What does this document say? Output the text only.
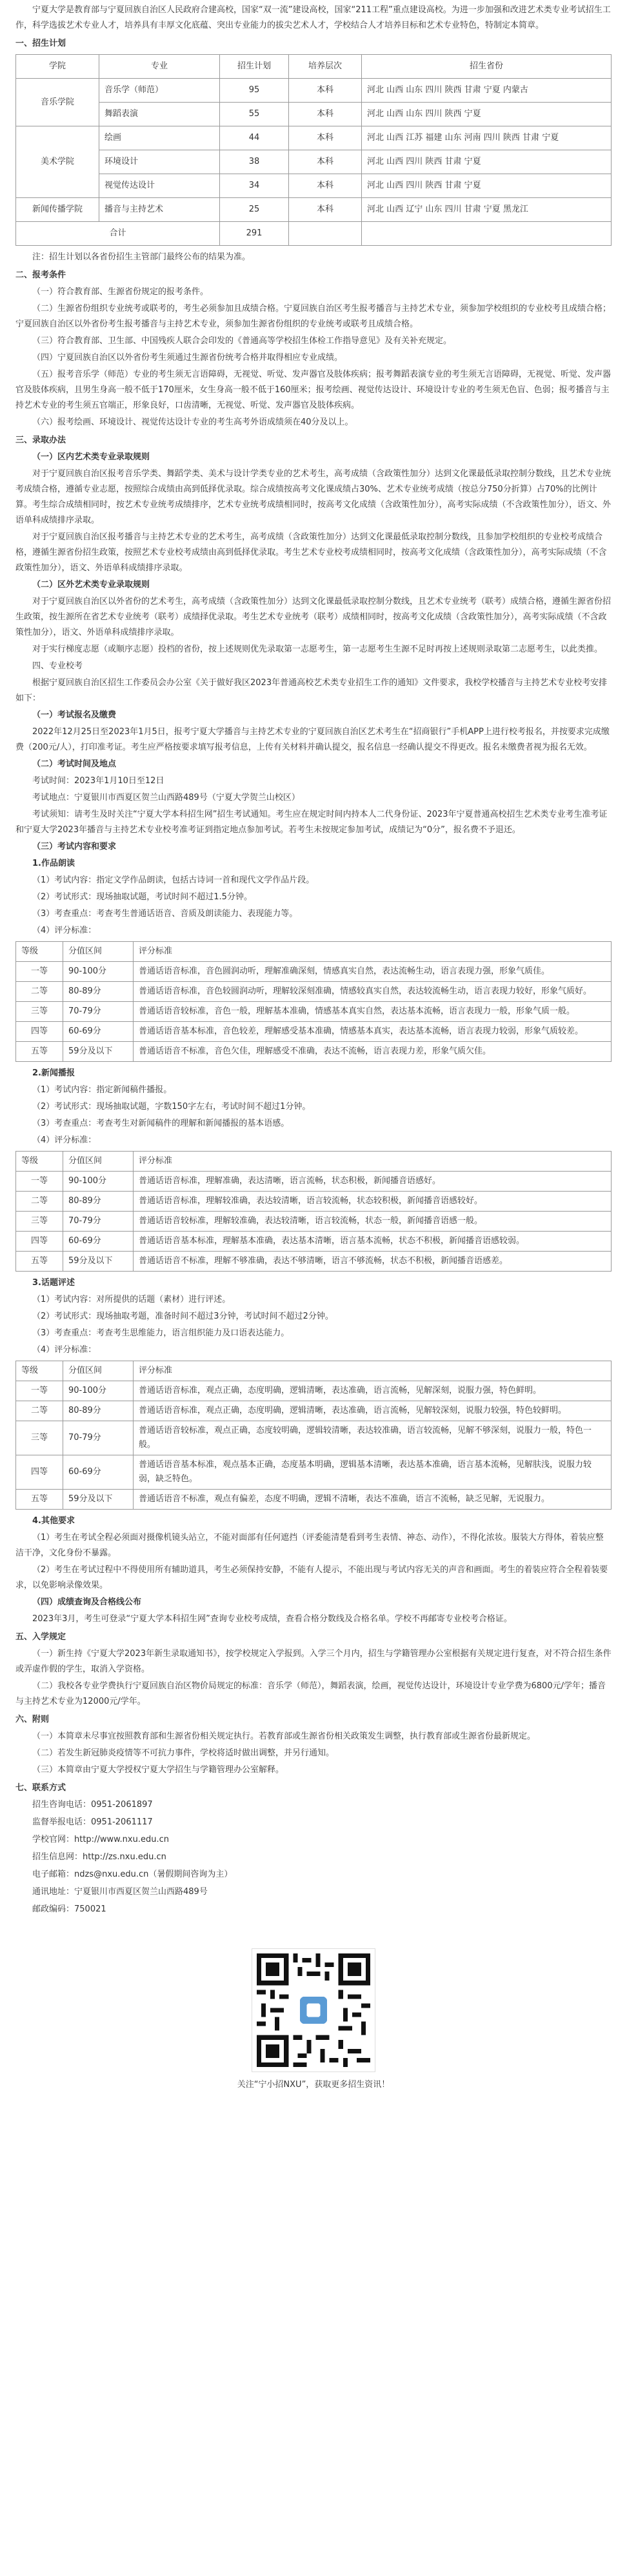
宁夏大学是教育部与宁夏回族自治区人民政府合建高校，国家“双一流”建设高校，国家“211工程”重点建设高校。为进一步加强和改进艺术类专业考试招生工作，科学选拔艺术专业人才，培养具有丰厚文化底蕴、突出专业能力的拔尖艺术人才，学校结合人才培养目标和艺术专业特色，特制定本简章。

一、招生计划

学院	专业	招生计划	培养层次	招生省份
音乐学院	音乐学（师范）	95	本科	河北 山西 山东 四川 陕西 甘肃 宁夏 内蒙古
	舞蹈表演	55	本科	河北 山西 山东 四川 陕西 宁夏
美术学院	绘画	44	本科	河北 山西 江苏 福建 山东 河南 四川 陕西 甘肃 宁夏
	环境设计	38	本科	河北 山西 四川 陕西 甘肃 宁夏
	视觉传达设计	34	本科	河北 山西 四川 陕西 甘肃 宁夏
新闻传播学院	播音与主持艺术	25	本科	河北 山西 辽宁 山东 四川 甘肃 宁夏 黑龙江
合计		291		

注：招生计划以各省份招生主管部门最终公布的结果为准。

二、报考条件

（一）符合教育部、生源省份规定的报考条件。

（二）生源省份组织专业统考或联考的，考生必须参加且成绩合格。宁夏回族自治区考生报考播音与主持艺术专业，须参加学校组织的专业校考且成绩合格；宁夏回族自治区以外省份考生报考播音与主持艺术专业，须参加生源省份组织的专业统考或联考且成绩合格。

（三）符合教育部、卫生部、中国残疾人联合会印发的《普通高等学校招生体检工作指导意见》及有关补充规定。

（四）宁夏回族自治区以外省份考生须通过生源省份统考合格并取得相应专业成绩。

（五）报考音乐学（师范）专业的考生须无言语障碍，无视觉、听觉、发声器官及肢体疾病；报考舞蹈表演专业的考生须无言语障碍，无视觉、听觉、发声器官及肢体疾病，且男生身高一般不低于170厘米，女生身高一般不低于160厘米；报考绘画、视觉传达设计、环境设计专业的考生须无色盲、色弱；报考播音与主持艺术专业的考生须五官端正，形象良好，口齿清晰，无视觉、听觉、发声器官及肢体疾病。

（六）报考绘画、环境设计、视觉传达设计专业的考生高考外语成绩须在40分及以上。

三、录取办法

（一）区内艺术类专业录取规则

对于宁夏回族自治区报考音乐学类、舞蹈学类、美术与设计学类专业的艺术考生，高考成绩（含政策性加分）达到文化课最低录取控制分数线，且艺术专业统考成绩合格，遵循专业志愿，按照综合成绩由高到低择优录取。综合成绩按高考文化课成绩占30%、艺术专业统考成绩（按总分750分折算）占70%的比例计算。考生综合成绩相同时，按艺术专业统考成绩排序，艺术专业统考成绩相同时，按高考文化成绩（含政策性加分），高考实际成绩（不含政策性加分），语文、外语单科成绩排序录取。

对于宁夏回族自治区报考播音与主持艺术专业的艺术考生，高考成绩（含政策性加分）达到文化课最低录取控制分数线，且参加学校组织的专业校考成绩合格，遵循生源省份招生政策，按照艺术专业校考成绩由高到低择优录取。考生艺术专业校考成绩相同时，按高考文化成绩（含政策性加分），高考实际成绩（不含政策性加分），语文、外语单科成绩排序录取。

（二）区外艺术类专业录取规则

对于宁夏回族自治区以外省份的艺术考生，高考成绩（含政策性加分）达到文化课最低录取控制分数线，且艺术专业统考（联考）成绩合格，遵循生源省份招生政策，按生源所在省艺术专业统考（联考）成绩择优录取。考生艺术专业统考（联考）成绩相同时，按高考文化成绩（含政策性加分），高考实际成绩（不含政策性加分），语文、外语单科成绩排序录取。

对于实行梯度志愿（或顺序志愿）投档的省份，按上述规则优先录取第一志愿考生，第一志愿考生生源不足时再按上述规则录取第二志愿考生，以此类推。

四、专业校考

根据宁夏回族自治区招生工作委员会办公室《关于做好我区2023年普通高校艺术类专业招生工作的通知》文件要求，我校学校播音与主持艺术专业校考安排如下：

（一）考试报名及缴费

2022年12月25日至2023年1月5日，报考宁夏大学播音与主持艺术专业的宁夏回族自治区艺术考生在“招商银行”手机APP上进行校考报名，并按要求完成缴费（200元/人），打印准考证。考生应严格按要求填写报考信息，上传有关材料并确认提交，报名信息一经确认提交不得更改。报名未缴费者视为报名无效。

（二）考试时间及地点

考试时间：2023年1月10日至12日

考试地点：宁夏银川市西夏区贺兰山西路489号（宁夏大学贺兰山校区）

考试须知：请考生及时关注“宁夏大学本科招生网”招生考试通知。考生应在规定时间内持本人二代身份证、2023年宁夏普通高校招生艺术类专业考生准考证和宁夏大学2023年播音与主持艺术专业校考准考证到指定地点参加考试。若考生未按规定参加考试，成绩记为“0分”，报名费不予退还。

（三）考试内容和要求

1.作品朗读

（1）考试内容：指定文学作品朗读，包括古诗词一首和现代文学作品片段。

（2）考试形式：现场抽取试题，考试时间不超过1.5分钟。

（3）考查重点：考查考生普通话语音、音质及朗读能力、表现能力等。

（4）评分标准：

等级	分值区间	评分标准
一等	90-100分	普通话语音标准，音色圆润动听，理解准确深刻，情感真实自然，表达流畅生动，语言表现力强，形象气质佳。
二等	80-89分	普通话语音标准，音色较圆润动听，理解较深刻准确，情感较真实自然，表达较流畅生动，语言表现力较好，形象气质好。
三等	70-79分	普通话语音较标准，音色一般，理解基本准确，情感基本真实自然，表达基本流畅，语言表现力一般，形象气质一般。
四等	60-69分	普通话语音基本标准，音色较差，理解感受基本准确，情感基本真实，表达基本流畅，语言表现力较弱，形象气质较差。
五等	59分及以下	普通话语音不标准，音色欠佳，理解感受不准确，表达不流畅，语言表现力差，形象气质欠佳。

2.新闻播报

（1）考试内容：指定新闻稿件播报。

（2）考试形式：现场抽取试题，字数150字左右，考试时间不超过1分钟。

（3）考查重点：考查考生对新闻稿件的理解和新闻播报的基本语感。

（4）评分标准：

等级	分值区间	评分标准
一等	90-100分	普通话语音标准，理解准确，表达清晰，语言流畅，状态积极，新闻播音语感好。
二等	80-89分	普通话语音标准，理解较准确，表达较清晰，语言较流畅，状态较积极，新闻播音语感较好。
三等	70-79分	普通话语音较标准，理解较准确，表达较清晰，语言较流畅，状态一般，新闻播音语感一般。
四等	60-69分	普通话语音基本标准，理解基本准确，表达基本清晰，语言基本流畅，状态不积极，新闻播音语感较弱。
五等	59分及以下	普通话语音不标准，理解不够准确，表达不够清晰，语言不够流畅，状态不积极，新闻播音语感差。

3.话题评述

（1）考试内容：对所提供的话题（素材）进行评述。

（2）考试形式：现场抽取考题，准备时间不超过3分钟，考试时间不超过2分钟。

（3）考查重点：考查考生思维能力，语言组织能力及口语表达能力。

（4）评分标准：

等级	分值区间	评分标准
一等	90-100分	普通话语音标准，观点正确，态度明确，逻辑清晰，表达准确，语言流畅，见解深刻，说服力强，特色鲜明。
二等	80-89分	普通话语音标准，观点正确，态度明确，逻辑清晰，表达准确，语言流畅，见解较深刻，说服力较强，特色较鲜明。
三等	70-79分	普通话语音较标准，观点正确，态度较明确，逻辑较清晰，表达较准确，语言较流畅，见解不够深刻，说服力一般，特色一般。
四等	60-69分	普通话语音基本标准，观点基本正确，态度基本明确，逻辑基本清晰，表达基本准确，语言基本流畅，见解肤浅，说服力较弱，缺乏特色。
五等	59分及以下	普通话语音不标准，观点有偏差，态度不明确，逻辑不清晰，表达不准确，语言不流畅，缺乏见解，无说服力。

4.其他要求

（1）考生在考试全程必须面对摄像机镜头站立，不能对面部有任何遮挡（评委能清楚看到考生表情、神态、动作），不得化浓妆。服装大方得体，着装应整洁干净，文化身份不暴露。

（2）考生在考试过程中不得使用所有辅助道具，考生必须保持安静，不能有人提示，不能出现与考试内容无关的声音和画面。考生的着装应符合全程着装要求，以免影响录像效果。

（四）成绩查询及合格线公布

2023年3月，考生可登录“宁夏大学本科招生网”查询专业校考成绩，查看合格分数线及合格名单。学校不再邮寄专业校考合格证。

五、入学规定

（一）新生持《宁夏大学2023年新生录取通知书》，按学校规定入学报到。入学三个月内，招生与学籍管理办公室根据有关规定进行复查，对不符合招生条件或弄虚作假的学生，取消入学资格。

（二）我校各专业学费执行宁夏回族自治区物价局规定的标准：音乐学（师范），舞蹈表演，绘画，视觉传达设计，环境设计专业学费为6800元/学年；播音与主持艺术专业为12000元/学年。

六、附则

（一）本简章未尽事宜按照教育部和生源省份相关规定执行。若教育部或生源省份相关政策发生调整，执行教育部或生源省份最新规定。

（二）若发生新冠肺炎疫情等不可抗力事件，学校将适时做出调整，并另行通知。

（三）本简章由宁夏大学授权宁夏大学招生与学籍管理办公室解释。

七、联系方式

招生咨询电话：0951-2061897

监督举报电话：0951-2061117

学校官网：http://www.nxu.edu.cn

招生信息网：http://zs.nxu.edu.cn

电子邮箱：ndzs@nxu.edu.cn（暑假期间咨询为主）

通讯地址：宁夏银川市西夏区贺兰山西路489号

邮政编码：750021

关注“宁小招NXU”，获取更多招生资讯！
